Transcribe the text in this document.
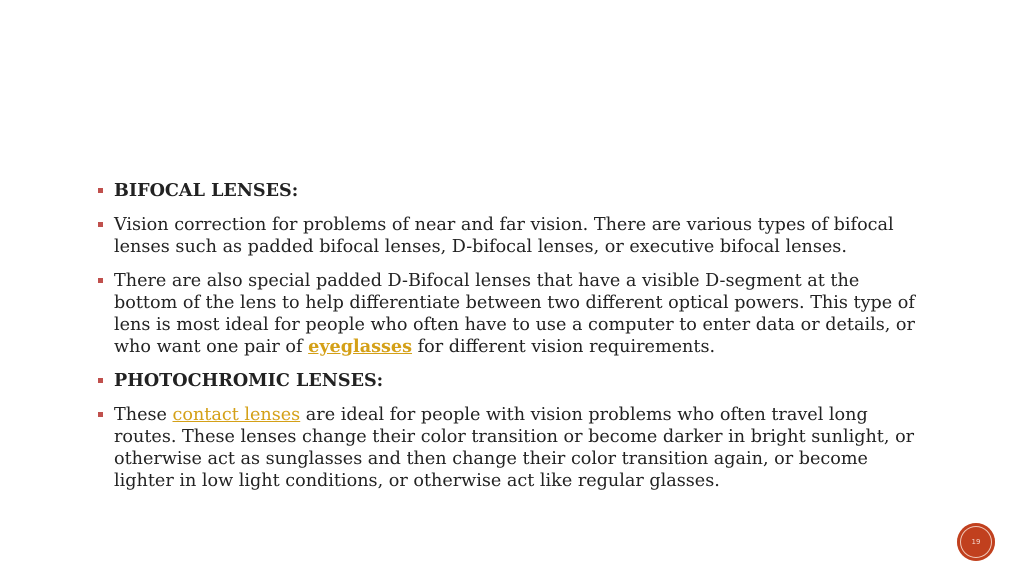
BIFOCAL LENSES:
Vision correction for problems of near and far vision. There are various types of bifocal lenses such as padded bifocal lenses, D-bifocal lenses, or executive bifocal lenses.
There are also special padded D-Bifocal lenses that have a visible D-segment at the bottom of the lens to help differentiate between two different optical powers. This type of lens is most ideal for people who often have to use a computer to enter data or details, or who want one pair of eyeglasses for different vision requirements.
PHOTOCHROMIC LENSES:
These contact lenses are ideal for people with vision problems who often travel long routes. These lenses change their color transition or become darker in bright sunlight, or otherwise act as sunglasses and then change their color transition again, or become lighter in low light conditions, or otherwise act like regular glasses.
19
